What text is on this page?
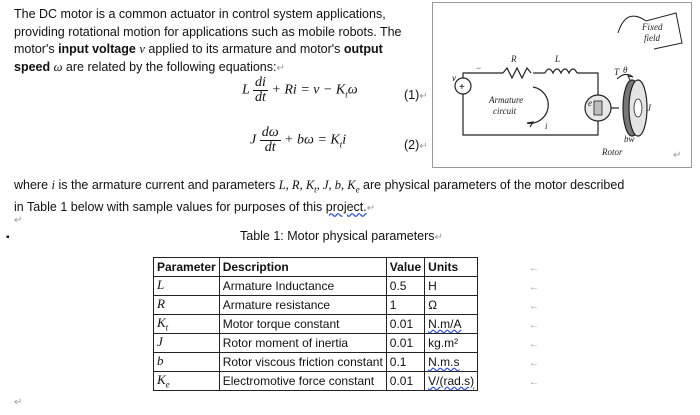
The DC motor is a common actuator in control system applications,
providing rotational motion for applications such as mobile robots. The
motor's input voltage v applied to its armature and motor's output
speed ω are related by the following equations:↵
L $\frac{di}{dt} + Ri = v - K_t\omega$	(1)↵
J $\frac{d\omega}{dt} + b\omega = K_ti$	(2)↵
+
v
R	L
Armature
circuit
e
i
T θ
J
bw
Rotor
Fixed
field
−
↵
where i is the armature current and parameters L, R, $K_t$, J, b, $K_e$ are physical parameters of the motor described
in Table 1 below with sample values for purposes of this project.↵
↵
▪	Table 1: Motor physical parameters↵
Parameter	Description	Value	Units
L	Armature Inductance	0.5	H
R	Armature resistance	1	Ω
$K_t$	Motor torque constant	0.01	N.m/A
J	Rotor moment of inertia	0.01	kg.m²
b	Rotor viscous friction constant	0.1	N.m.s
$K_e$	Electromotive force constant	0.01	V/(rad.s)
←
←
←
←
←
←
←
↵
